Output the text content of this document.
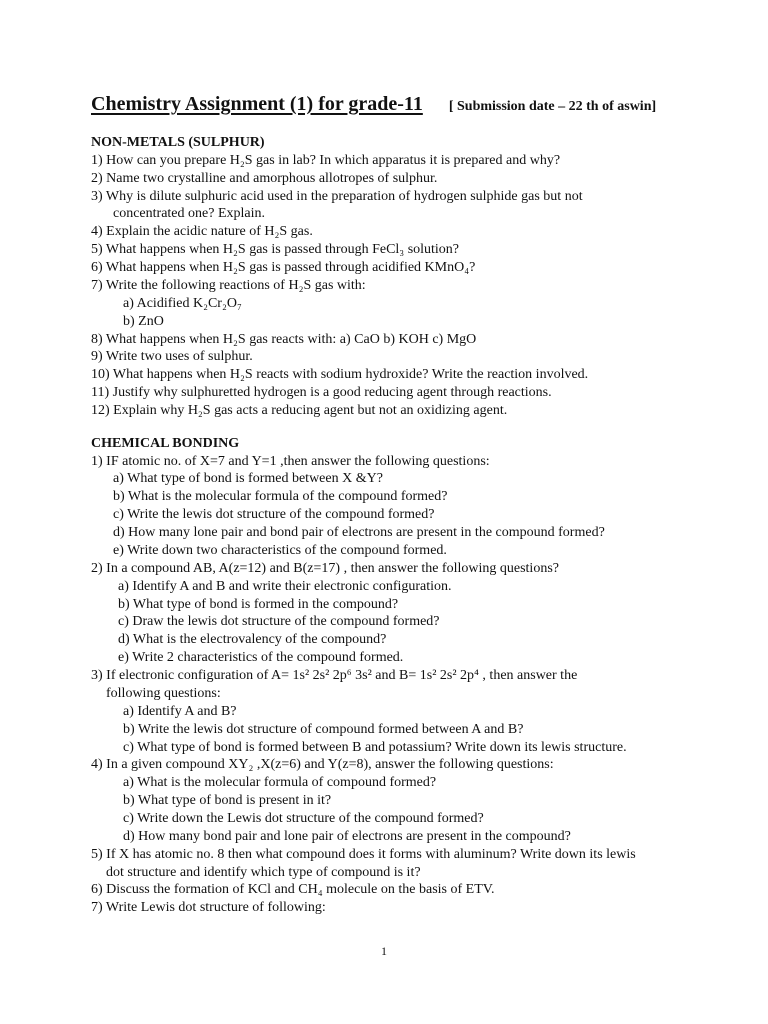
Chemistry Assignment (1) for grade-11 [ Submission date – 22 th of aswin]
NON-METALS (SULPHUR)
1) How can you prepare H₂S gas in lab? In which apparatus it is prepared and why?
2) Name two crystalline and amorphous allotropes of sulphur.
3) Why is dilute sulphuric acid used in the preparation of hydrogen sulphide gas but not
concentrated one? Explain.
4) Explain the acidic nature of H₂S gas.
5) What happens when H₂S gas is passed through FeCl₃ solution?
6) What happens when H₂S gas is passed through acidified KMnO₄?
7) Write the following reactions of H₂S gas with:
a) Acidified K₂Cr₂O₇
b) ZnO
8) What happens when H₂S gas reacts with: a) CaO b) KOH c) MgO
9) Write two uses of sulphur.
10) What happens when H₂S reacts with sodium hydroxide? Write the reaction involved.
11) Justify why sulphuretted hydrogen is a good reducing agent through reactions.
12) Explain why H₂S gas acts a reducing agent but not an oxidizing agent.
CHEMICAL BONDING
1) IF atomic no. of X=7 and Y=1 ,then answer the following questions:
a) What type of bond is formed between X &Y?
b) What is the molecular formula of the compound formed?
c) Write the lewis dot structure of the compound formed?
d) How many lone pair and bond pair of electrons are present in the compound formed?
e) Write down two characteristics of the compound formed.
2) In a compound AB, A(z=12) and B(z=17) , then answer the following questions?
a) Identify A and B and write their electronic configuration.
b) What type of bond is formed in the compound?
c) Draw the lewis dot structure of the compound formed?
d) What is the electrovalency of the compound?
e) Write 2 characteristics of the compound formed.
3) If electronic configuration of A= 1s² 2s² 2p⁶ 3s² and B= 1s² 2s² 2p⁴ , then answer the
following questions:
a) Identify A and B?
b) Write the lewis dot structure of compound formed between A and B?
c) What type of bond is formed between B and potassium? Write down its lewis structure.
4) In a given compound XY₂ ,X(z=6) and Y(z=8), answer the following questions:
a) What is the molecular formula of compound formed?
b) What type of bond is present in it?
c) Write down the Lewis dot structure of the compound formed?
d) How many bond pair and lone pair of electrons are present in the compound?
5) If X has atomic no. 8 then what compound does it forms with aluminum? Write down its lewis
dot structure and identify which type of compound is it?
6) Discuss the formation of KCl and CH₄ molecule on the basis of ETV.
7) Write Lewis dot structure of following:
1
